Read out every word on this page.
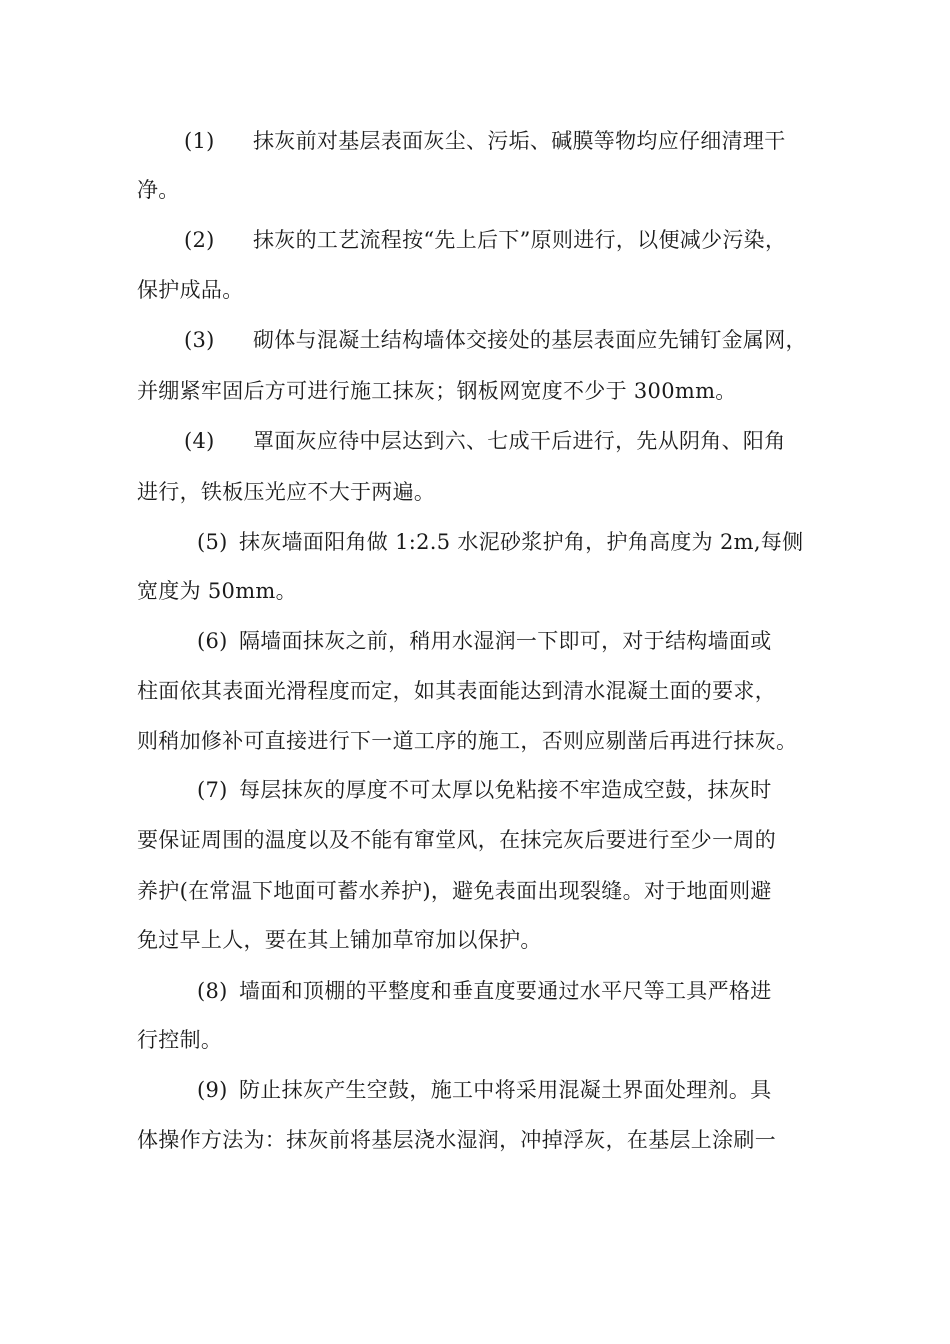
(1) 抹灰前对基层表面灰尘、污垢、碱膜等物均应仔细清理干
净。
(2) 抹灰的工艺流程按“先上后下”原则进行，以便减少污染，
保护成品。
(3) 砌体与混凝土结构墙体交接处的基层表面应先铺钉金属网，
并绷紧牢固后方可进行施工抹灰；钢板网宽度不少于 300mm。
(4) 罩面灰应待中层达到六、七成干后进行，先从阴角、阳角
进行，铁板压光应不大于两遍。
(5) 抹灰墙面阳角做 1:2.5 水泥砂浆护角，护角高度为 2m,每侧
宽度为 50mm。
(6) 隔墙面抹灰之前，稍用水湿润一下即可，对于结构墙面或
柱面依其表面光滑程度而定，如其表面能达到清水混凝土面的要求，
则稍加修补可直接进行下一道工序的施工，否则应剔凿后再进行抹灰。
(7) 每层抹灰的厚度不可太厚以免粘接不牢造成空鼓，抹灰时
要保证周围的温度以及不能有窜堂风，在抹完灰后要进行至少一周的
养护(在常温下地面可蓄水养护)，避免表面出现裂缝。对于地面则避
免过早上人，要在其上铺加草帘加以保护。
(8) 墙面和顶棚的平整度和垂直度要通过水平尺等工具严格进
行控制。
(9) 防止抹灰产生空鼓，施工中将采用混凝土界面处理剂。具
体操作方法为：抹灰前将基层浇水湿润，冲掉浮灰，在基层上涂刷一
